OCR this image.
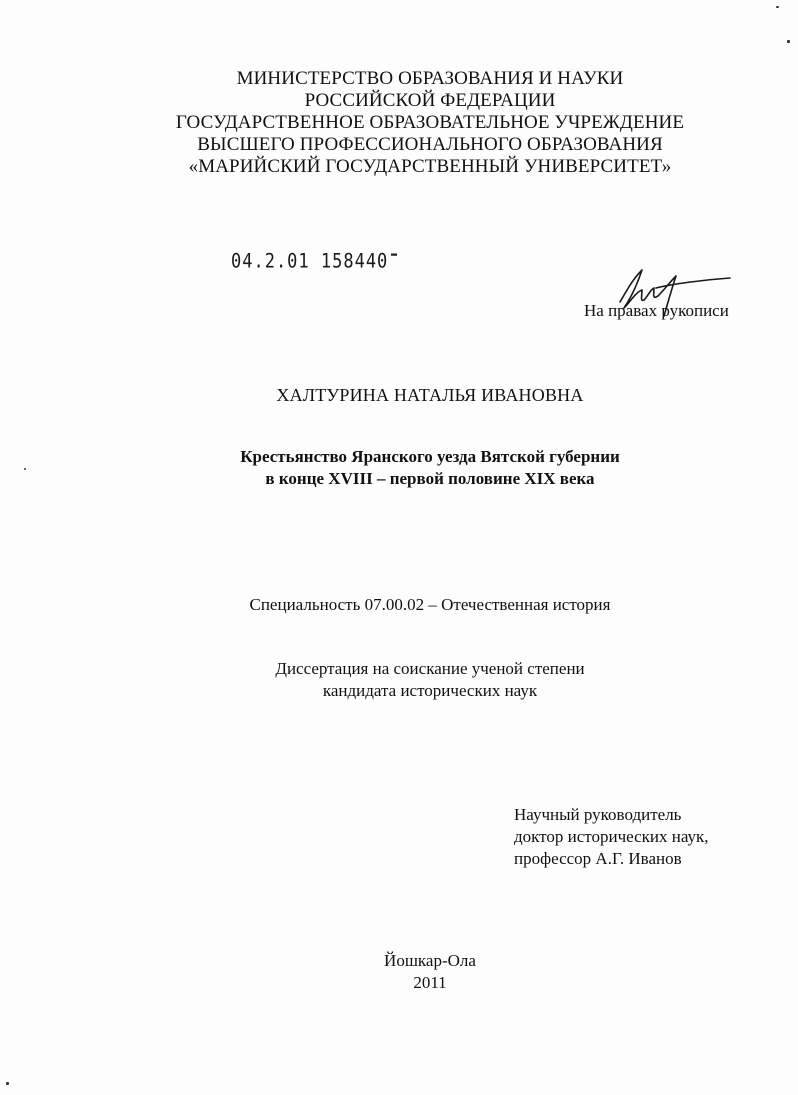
МИНИСТЕРСТВО ОБРАЗОВАНИЯ И НАУКИ
РОССИЙСКОЙ ФЕДЕРАЦИИ
ГОСУДАРСТВЕННОЕ ОБРАЗОВАТЕЛЬНОЕ УЧРЕЖДЕНИЕ
ВЫСШЕГО ПРОФЕССИОНАЛЬНОГО ОБРАЗОВАНИЯ
«МАРИЙСКИЙ ГОСУДАРСТВЕННЫЙ УНИВЕРСИТЕТ»
04.2.01 158440
На правах рукописи
ХАЛТУРИНА НАТАЛЬЯ ИВАНОВНА
Крестьянство Яранского уезда Вятской губернии
в конце XVIII – первой половине XIX века
Специальность 07.00.02 – Отечественная история
Диссертация на соискание ученой степени
кандидата исторических наук
Научный руководитель
доктор исторических наук,
профессор А.Г. Иванов
Йошкар-Ола
2011
